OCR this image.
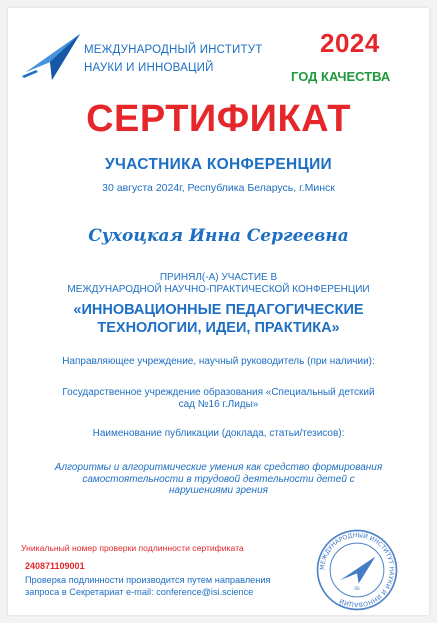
МЕЖДУНАРОДНЫЙ ИНСТИТУТ
НАУКИ И ИННОВАЦИЙ
2024
ГОД КАЧЕСТВА
СЕРТИФИКАТ
УЧАСТНИКА КОНФЕРЕНЦИИ
30 августа 2024г, Республика Беларусь, г.Минск
Сухоцкая Инна Сергеевна
ПРИНЯЛ(-А) УЧАСТИЕ В
МЕЖДУНАРОДНОЙ НАУЧНО-ПРАКТИЧЕСКОЙ КОНФЕРЕНЦИИ
«ИННОВАЦИОННЫЕ ПЕДАГОГИЧЕСКИЕ
ТЕХНОЛОГИИ, ИДЕИ, ПРАКТИКА»
Направляющее учреждение, научный руководитель (при наличии):
Государственное учреждение образования «Специальный детский
сад №16 г.Лиды»
Наименование публикации (доклада, статьи/тезисов):
Алгоритмы и алгоритмические умения как средство формирования
самостоятельности в трудовой деятельности детей с
нарушениями зрения
Уникальный номер проверки подлинности сертификата
240871109001
Проверка подлинности производится путем направления
запроса в Секретариат e-mail: conference@isi.science
МЕЖДУНАРОДНЫЙ ИНСТИТУТ НАУКИ И ИННОВАЦИЙ
ISI
